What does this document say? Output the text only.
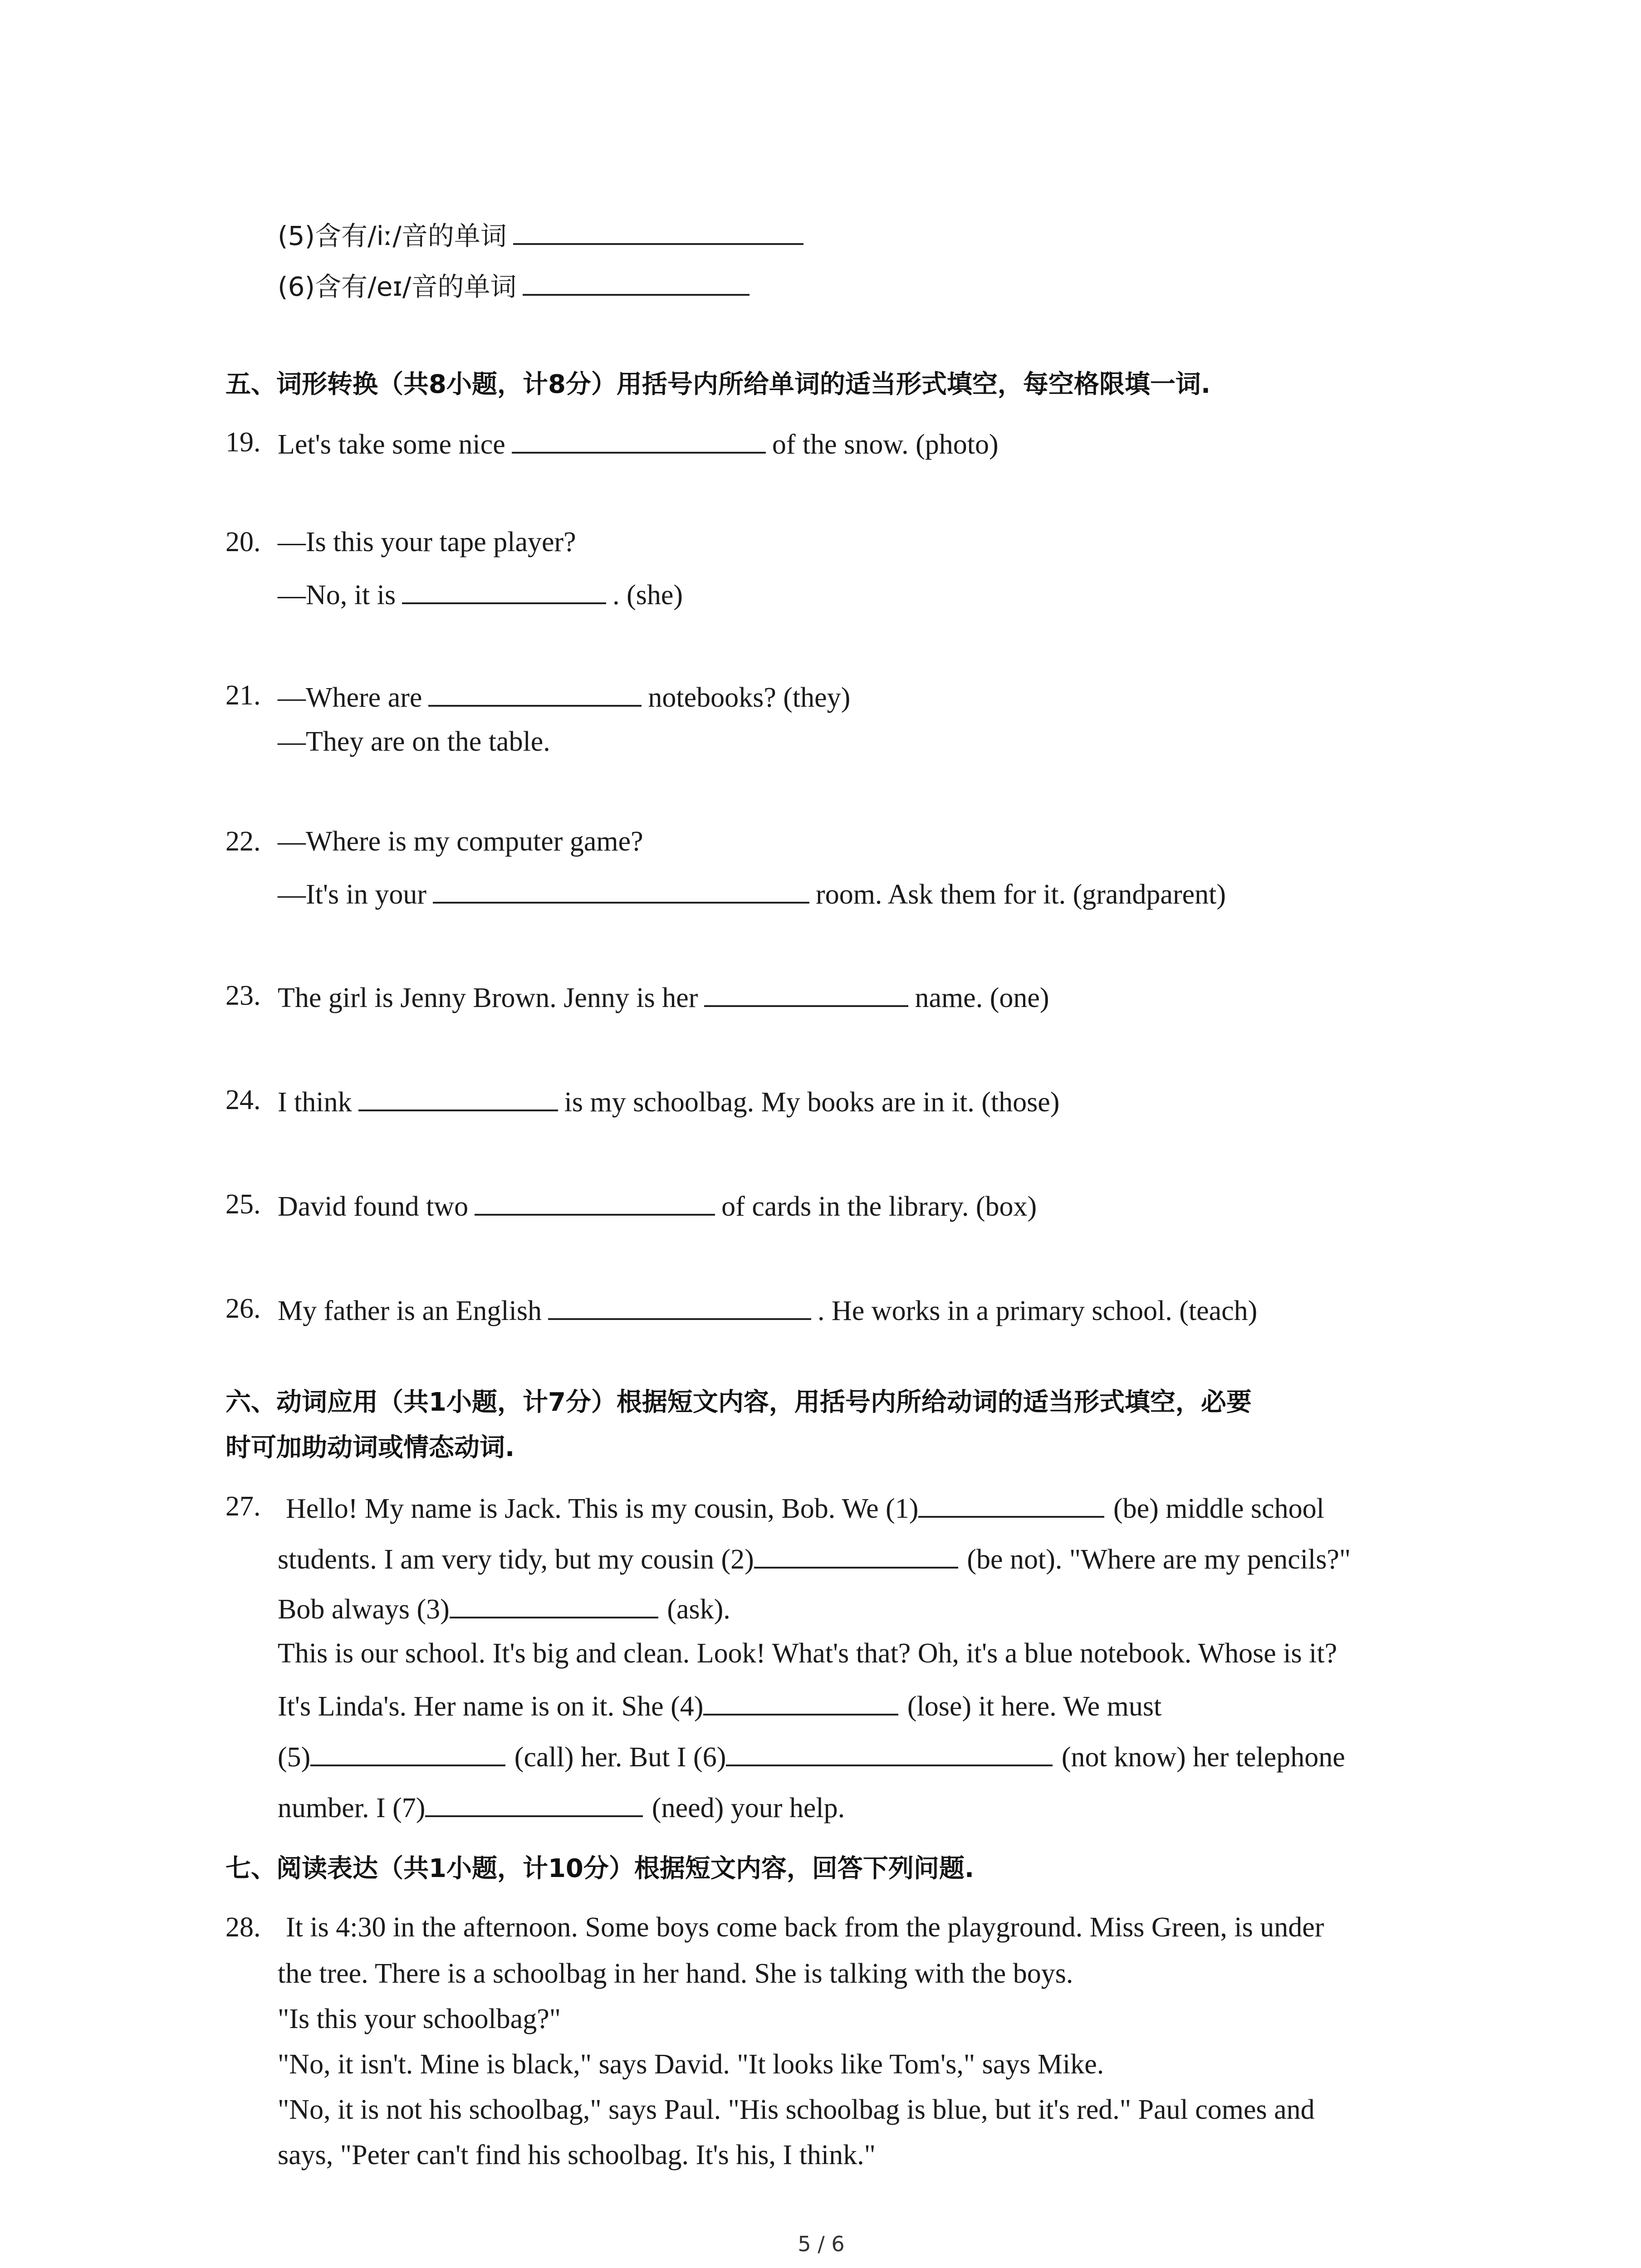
(5)含有/iː/音的单词
(6)含有/eɪ/音的单词
五、词形转换（共8小题，计8分）用括号内所给单词的适当形式填空，每空格限填一词.
19. Let's take some nice	of the snow. (photo)
20. —Is this your tape player?
—No, it is	. (she)
21. —Where are	notebooks? (they)
—They are on the table.
22. —Where is my computer game?
—It's in your	room. Ask them for it. (grandparent)
23. The girl is Jenny Brown. Jenny is her	name. (one)
24. I think	is my schoolbag. My books are in it. (those)
25. David found two	of cards in the library. (box)
26. My father is an English	. He works in a primary school. (teach)
六、动词应用（共1小题，计7分）根据短文内容，用括号内所给动词的适当形式填空，必要
时可加助动词或情态动词.
27. Hello! My name is Jack. This is my cousin, Bob. We (1)	(be) middle school
students. I am very tidy, but my cousin (2)	(be not). "Where are my pencils?"
Bob always (3)	(ask).
This is our school. It's big and clean. Look! What's that? Oh, it's a blue notebook. Whose is it?
It's Linda's. Her name is on it. She (4)	(lose) it here. We must
(5)	(call) her. But I (6)	(not know) her telephone
number. I (7)	(need) your help.
七、阅读表达（共1小题，计10分）根据短文内容，回答下列问题.
28. It is 4:30 in the afternoon. Some boys come back from the playground. Miss Green, is under
the tree. There is a schoolbag in her hand. She is talking with the boys.
"Is this your schoolbag?"
"No, it isn't. Mine is black," says David. "It looks like Tom's," says Mike.
"No, it is not his schoolbag," says Paul. "His schoolbag is blue, but it's red." Paul comes and
says, "Peter can't find his schoolbag. It's his, I think."
5 / 6
